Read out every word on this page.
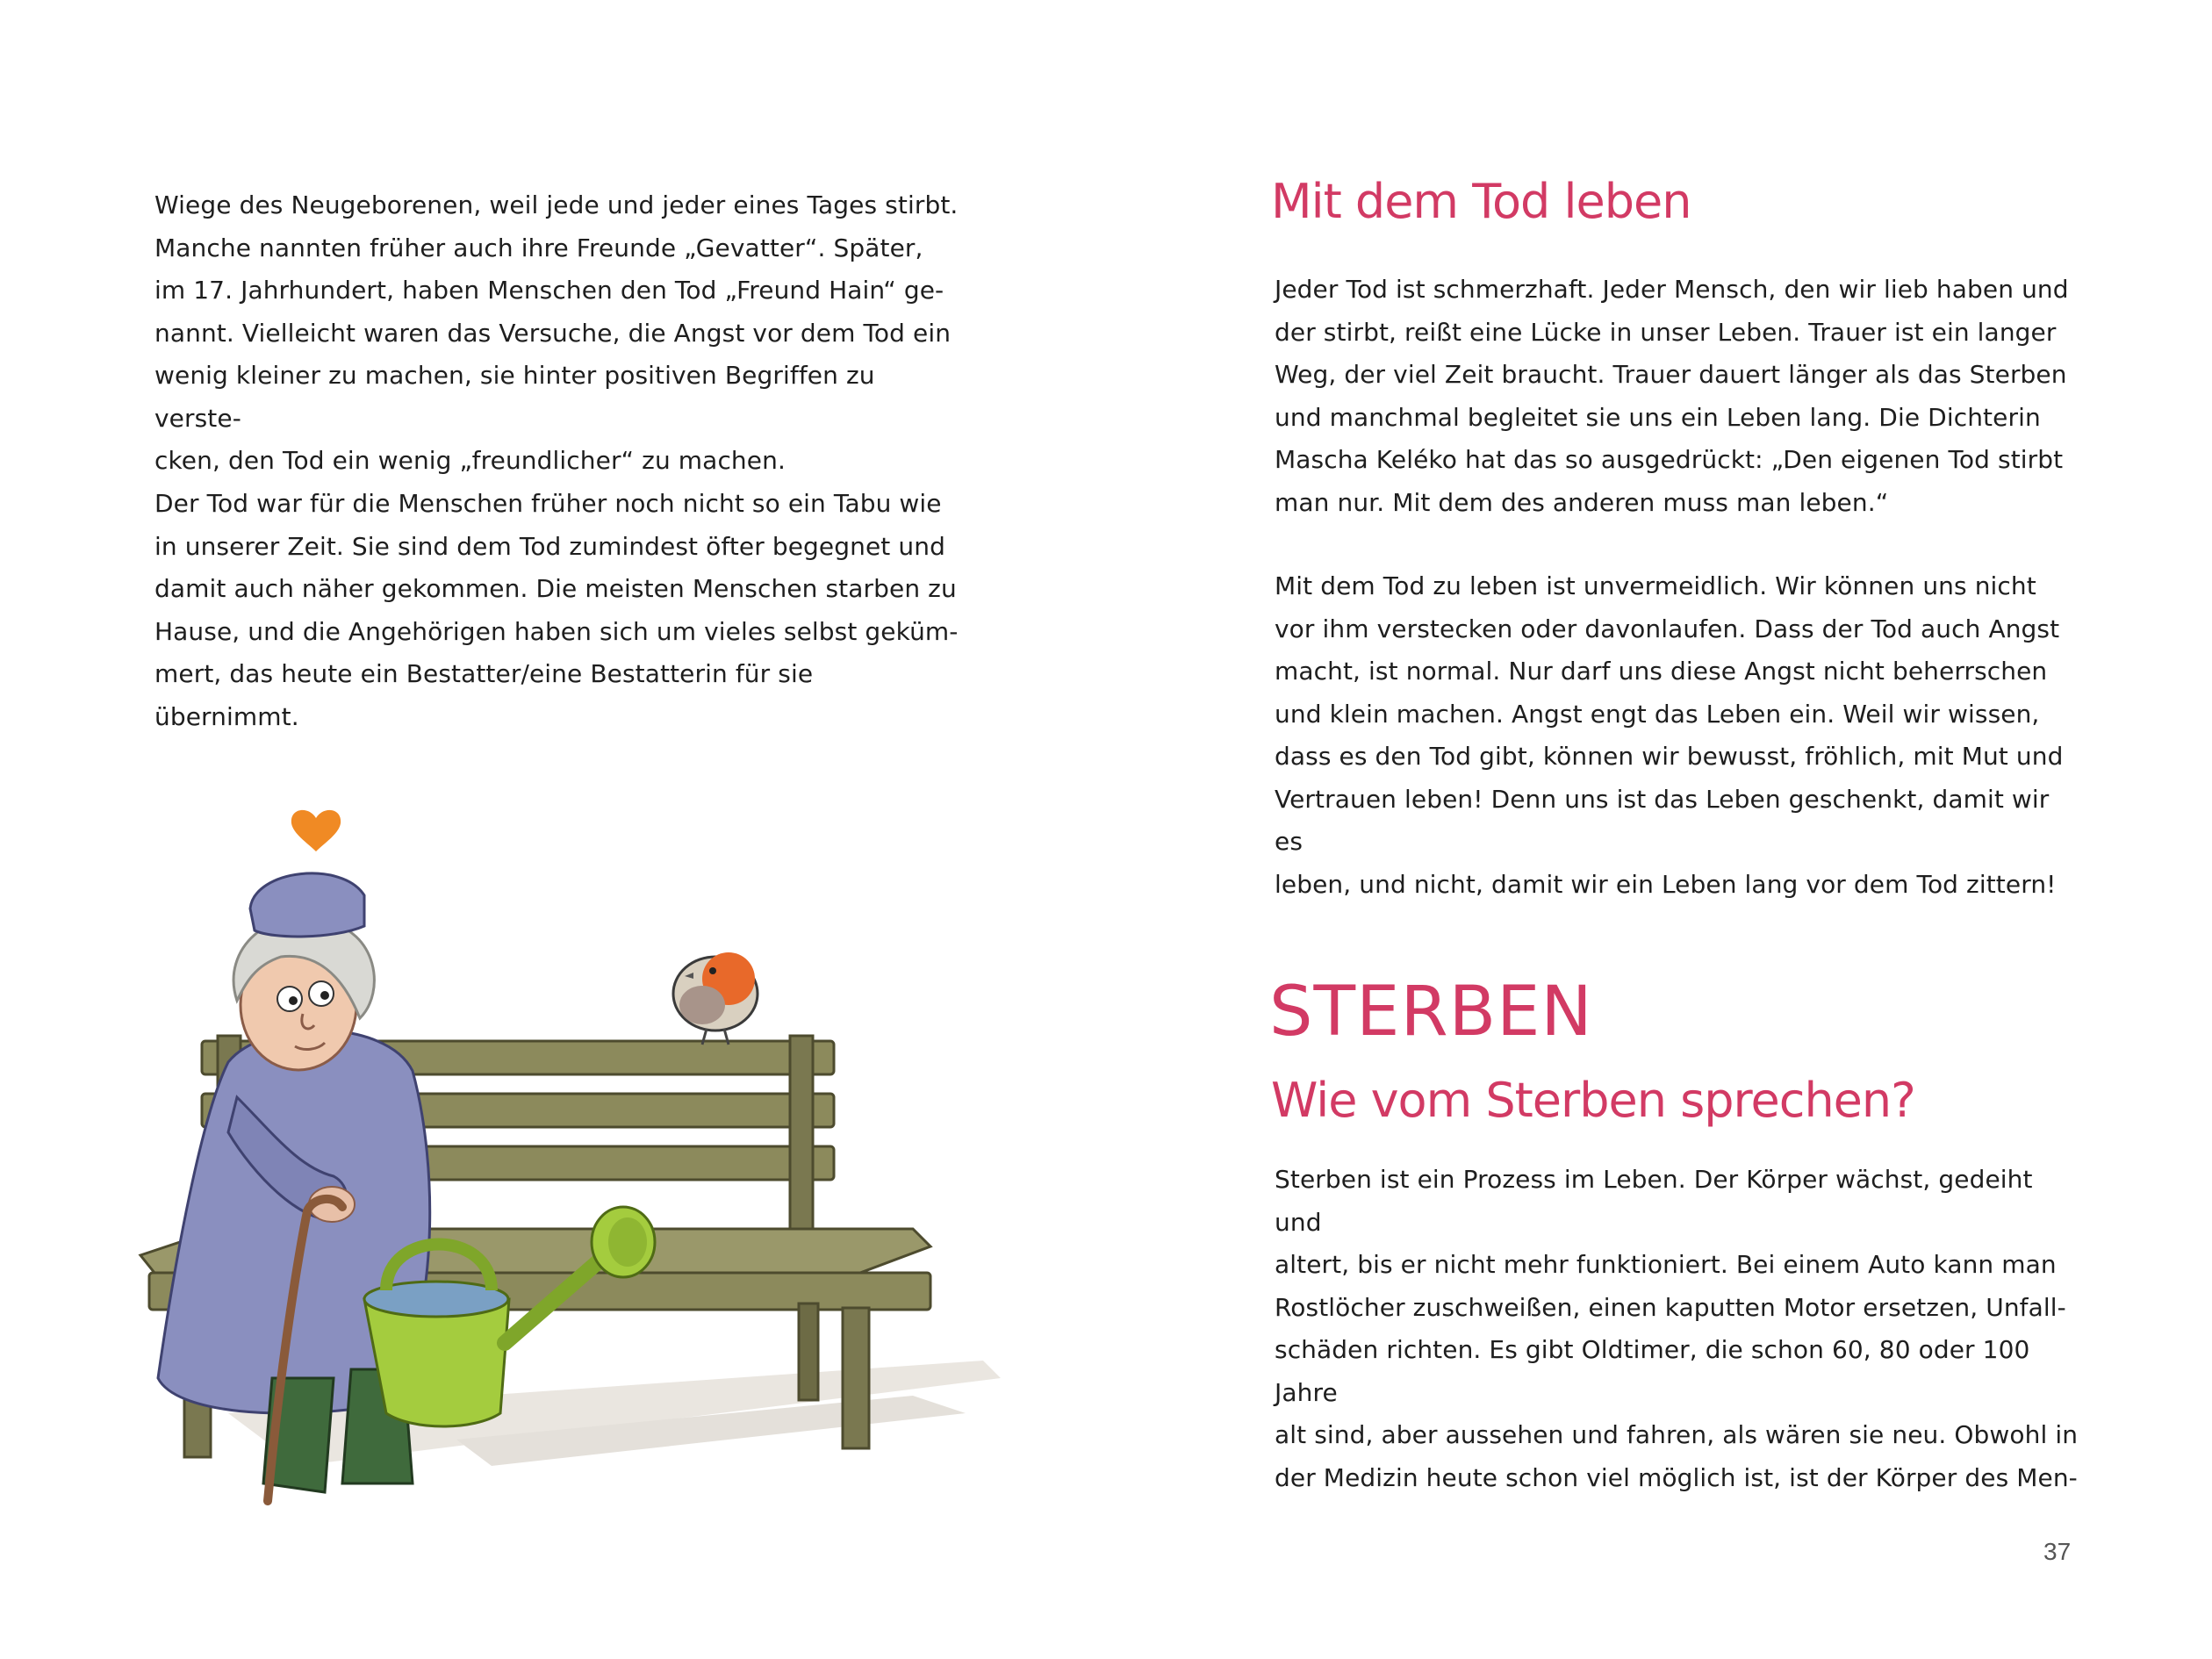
Wiege des Neugeborenen, weil jede und jeder eines Tages stirbt.
Manche nannten früher auch ihre Freunde „Gevatter“. Später,
im 17. Jahrhundert, haben Menschen den Tod „Freund Hain“ ge-
nannt. Vielleicht waren das Versuche, die Angst vor dem Tod ein
wenig kleiner zu machen, sie hinter positiven Begriffen zu verste-
cken, den Tod ein wenig „freundlicher“ zu machen.

Der Tod war für die Menschen früher noch nicht so ein Tabu wie
in unserer Zeit. Sie sind dem Tod zumindest öfter begegnet und
damit auch näher gekommen. Die meisten Menschen starben zu
Hause, und die Angehörigen haben sich um vieles selbst geküm-
mert, das heute ein Bestatter/eine Bestatterin für sie übernimmt.

Mit dem Tod leben

Jeder Tod ist schmerzhaft. Jeder Mensch, den wir lieb haben und
der stirbt, reißt eine Lücke in unser Leben. Trauer ist ein langer
Weg, der viel Zeit braucht. Trauer dauert länger als das Sterben
und manchmal begleitet sie uns ein Leben lang. Die Dichterin
Mascha Keléko hat das so ausgedrückt: „Den eigenen Tod stirbt
man nur. Mit dem des anderen muss man leben.“

Mit dem Tod zu leben ist unvermeidlich. Wir können uns nicht
vor ihm verstecken oder davonlaufen. Dass der Tod auch Angst
macht, ist normal. Nur darf uns diese Angst nicht beherrschen
und klein machen. Angst engt das Leben ein. Weil wir wissen,
dass es den Tod gibt, können wir bewusst, fröhlich, mit Mut und
Vertrauen leben! Denn uns ist das Leben geschenkt, damit wir es
leben, und nicht, damit wir ein Leben lang vor dem Tod zittern!

STERBEN
Wie vom Sterben sprechen?

Sterben ist ein Prozess im Leben. Der Körper wächst, gedeiht und
altert, bis er nicht mehr funktioniert. Bei einem Auto kann man
Rostlöcher zuschweißen, einen kaputten Motor ersetzen, Unfall-
schäden richten. Es gibt Oldtimer, die schon 60, 80 oder 100 Jahre
alt sind, aber aussehen und fahren, als wären sie neu. Obwohl in
der Medizin heute schon viel möglich ist, ist der Körper des Men-

37
